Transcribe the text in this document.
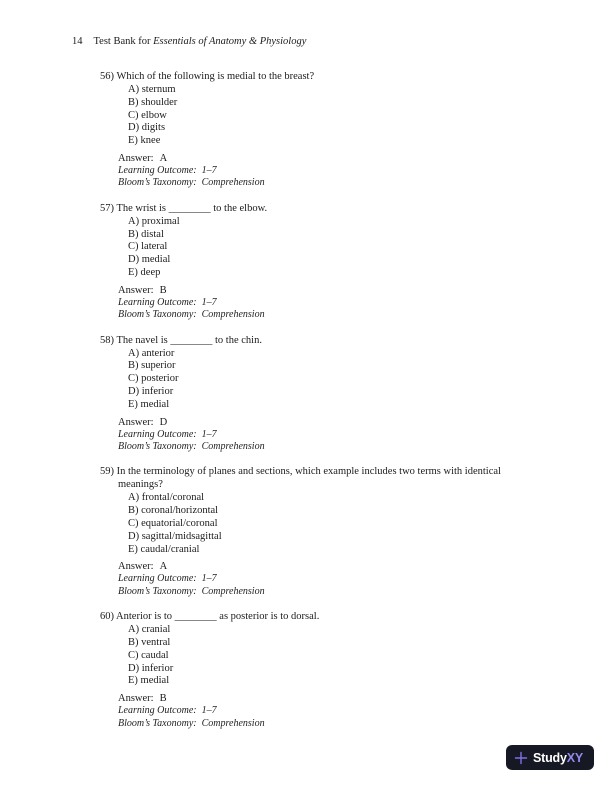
14 Test Bank for Essentials of Anatomy & Physiology
56) Which of the following is medial to the breast?
A) sternum
B) shoulder
C) elbow
D) digits
E) knee
Answer: A
Learning Outcome:  1–7
Bloom’s Taxonomy:  Comprehension
57) The wrist is ________ to the elbow.
A) proximal
B) distal
C) lateral
D) medial
E) deep
Answer: B
Learning Outcome:  1–7
Bloom’s Taxonomy:  Comprehension
58) The navel is ________ to the chin.
A) anterior
B) superior
C) posterior
D) inferior
E) medial
Answer: D
Learning Outcome:  1–7
Bloom’s Taxonomy:  Comprehension
59) In the terminology of planes and sections, which example includes two terms with identical meanings?
A) frontal/coronal
B) coronal/horizontal
C) equatorial/coronal
D) sagittal/midsagittal
E) caudal/cranial
Answer: A
Learning Outcome:  1–7
Bloom’s Taxonomy:  Comprehension
60) Anterior is to ________ as posterior is to dorsal.
A) cranial
B) ventral
C) caudal
D) inferior
E) medial
Answer: B
Learning Outcome:  1–7
Bloom’s Taxonomy:  Comprehension
StudyXY
